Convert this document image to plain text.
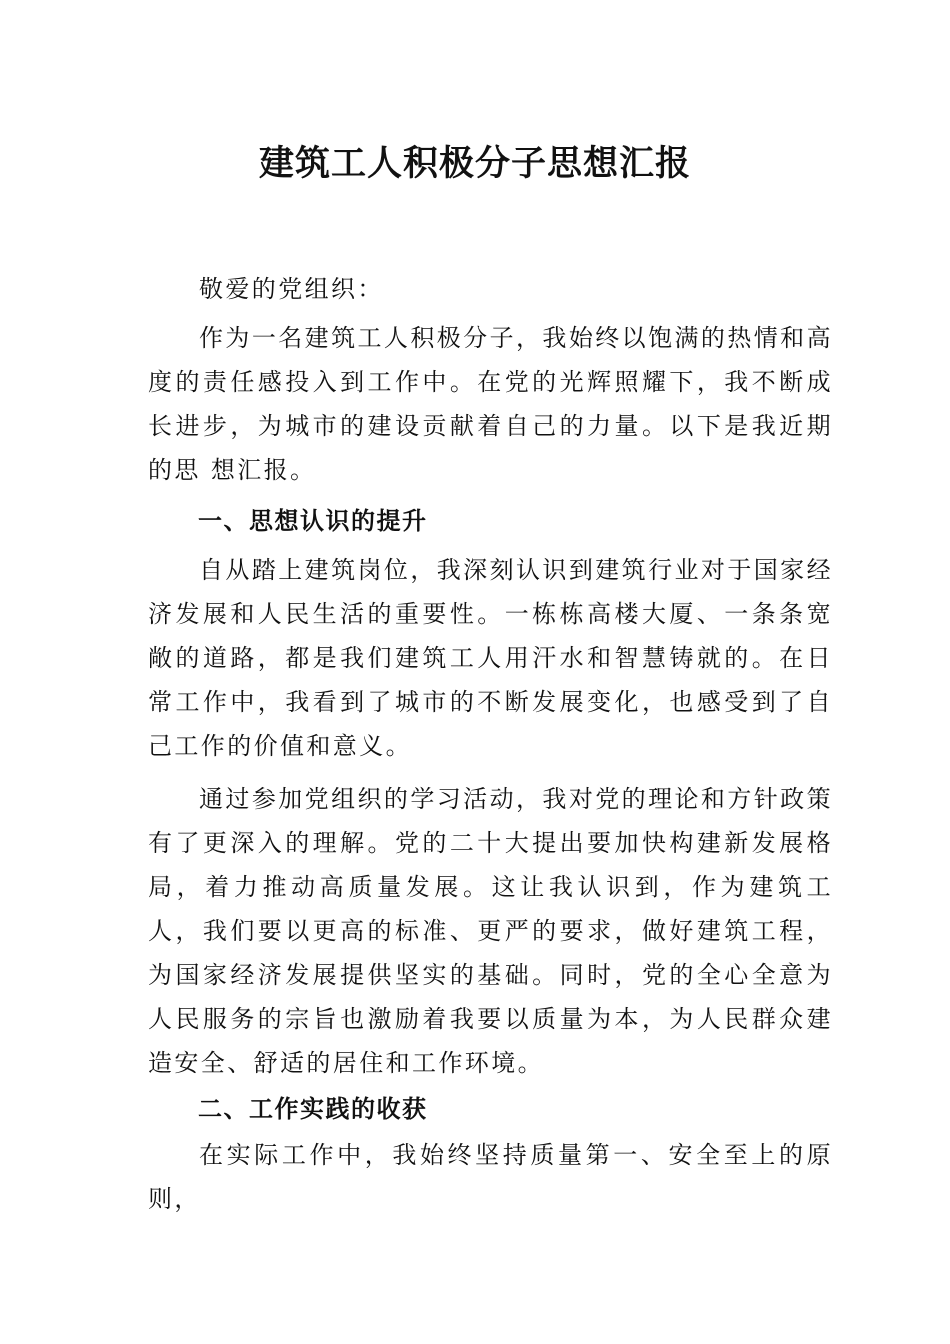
建筑工人积极分子思想汇报

敬爱的党组织：

作为一名建筑工人积极分子，我始终以饱满的热情和高度的责任感投入到工作中。在党的光辉照耀下，我不断成长进步，为城市的建设贡献着自己的力量。以下是我近期的思 想汇报。

一、思想认识的提升

自从踏上建筑岗位，我深刻认识到建筑行业对于国家经济发展和人民生活的重要性。一栋栋高楼大厦、一条条宽敞的道路，都是我们建筑工人用汗水和智慧铸就的。在日常工作中，我看到了城市的不断发展变化，也感受到了自己工作的价值和意义。

通过参加党组织的学习活动，我对党的理论和方针政策有了更深入的理解。党的二十大提出要加快构建新发展格局，着力推动高质量发展。这让我认识到，作为建筑工人，我们要以更高的标准、更严的要求，做好建筑工程，为国家经济发展提供坚实的基础。同时，党的全心全意为人民服务的宗旨也激励着我要以质量为本，为人民群众建造安全、舒适的居住和工作环境。

二、工作实践的收获

在实际工作中，我始终坚持质量第一、安全至上的原则，
